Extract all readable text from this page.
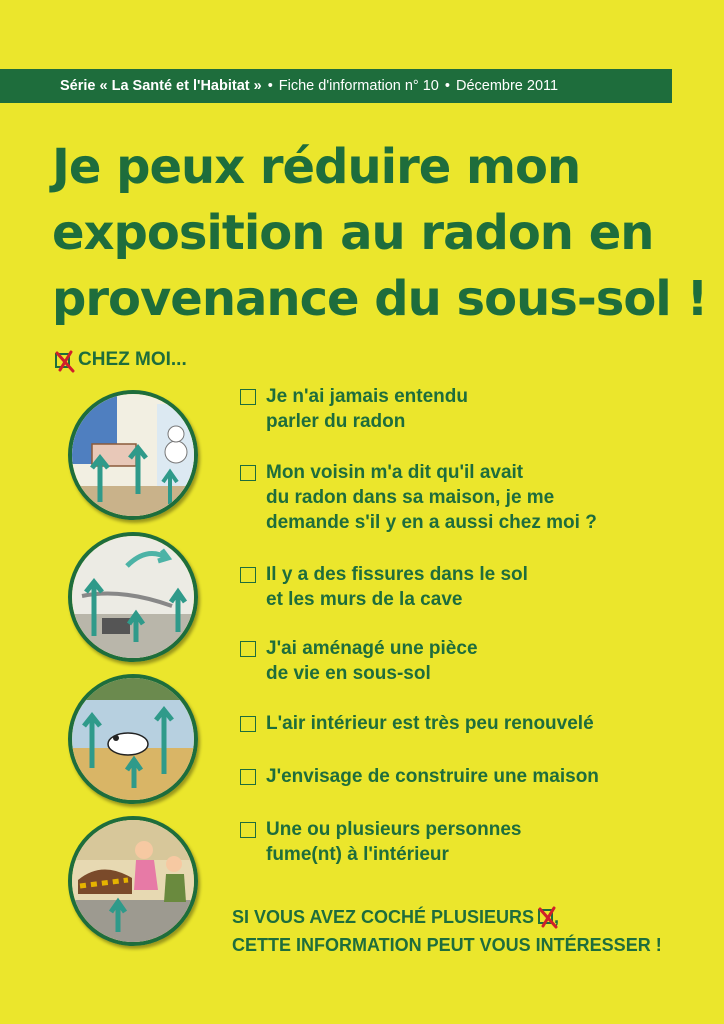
Série « La Santé et l'Habitat » • Fiche d'information n° 10 • Décembre 2011
Je peux réduire mon
exposition au radon en
provenance du sous-sol !
CHEZ MOI...
Je n'ai jamais entendu
parler du radon
Mon voisin m'a dit qu'il avait
du radon dans sa maison, je me
demande s'il y en a aussi chez moi ?
Il y a des fissures dans le sol
et les murs de la cave
J'ai aménagé une pièce
de vie en sous-sol
L'air intérieur est très peu renouvelé
J'envisage de construire une maison
Une ou plusieurs personnes
fume(nt) à l'intérieur
SI VOUS AVEZ COCHÉ PLUSIEURS ,
CETTE INFORMATION PEUT VOUS INTÉRESSER !
